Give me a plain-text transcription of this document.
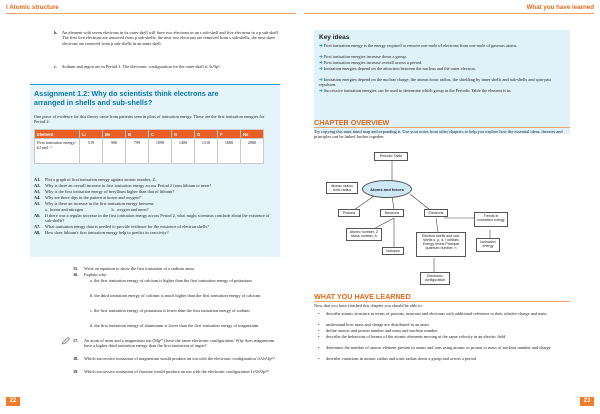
I Atomic structure	What you have learned
b. An element with seven electrons in its outer shell will have two electrons in an s sub-shell and five electrons in a p sub-shell.
The first five electrons are removed from p sub-shells; the next two electrons are removed from s sub-shells, the next three electrons are removed from p sub-shells in an inner shell.
c. Sodium and argon are in Period 3. The electronic configuration for the outer shell is 3s²3p⁶.
Assignment 1.2: Why do scientists think electrons are arranged in shells and sub-shells?
One piece of evidence for this theory came from patterns seen in plots of ionisation energy. These are the first ionisation energies for Period 2:
Element	Li	Be	B	C	N	O	F	Ne
First ionisation energy/ kJ mol⁻¹	519	900	799	1090	1400	1310	1680	2080
A1. Plot a graph of first ionisation energy against atomic number, Z.
A2. Why is there an overall increase in first ionisation energy across Period 2 from lithium to neon?
A3. Why is the first ionisation energy of beryllium higher than that of lithium?
A4. Why are there dips in the pattern at boron and oxygen?
A5. Why is there an increase in the first ionisation energy between:
a.  boron and nitrogen                          b.  oxygen and neon?
A6. If there was a regular increase in the first ionisation energy across Period 2, what might scientists conclude about the existence of sub-shells?
A7. What ionisation energy data is needed to provide evidence for the existence of electron shells?
A8. How does lithium's first ionisation energy help to predict its reactivity?
15. Write an equation to show the first ionisation of a sodium atom.
16. Explain why:
a. the first ionisation energy of calcium is higher than the first ionisation energy of potassium
b. the third ionisation energy of calcium is much higher than the first ionisation energy of calcium
c. the first ionisation energy of potassium is lower than the first ionisation energy of sodium
d. the first ionisation energy of aluminium is lower than the first ionisation energy of magnesium.
17. An atom of neon and a magnesium ion (Mg²⁺) have the same electronic configuration. Why does magnesium have a higher third ionisation energy than the first ionisation of argon?
18. Which successive ionisation of magnesium would produce an ion with the electronic configuration 1s²2s²2p⁶?
19. Which successive ionisation of fluorine would produce an ion with the electronic configuration 1s²2s²2p⁴?
22
Key ideas
➔ First ionisation energy is the energy required to remove one mole of electrons from one mole of gaseous atoms.
➔ First ionisation energies increase down a group.
➔ First ionisation energies increase overall across a period.
➔ Ionisation energies depend on the attraction between the nucleus and the outer electron.
➔ Ionisation energies depend on the nuclear charge, the atomic/ionic radius, the shielding by inner shells and sub-shells and spin-pair repulsion.
➔ Successive ionisation energies can be used to determine which group in the Periodic Table the element is in.
CHAPTER OVERVIEW
Try copying this mini mind map and expanding it. Use your notes from other chapters to help you explore how the essential ideas, theories and principles can be linked further together.
Periodic Table
Atomic radius Ionic radius	Atoms and forces
Protons	Neutrons	Electrons
Trends in ionisation energy
Atomic number, Z Mass number, A	Electron shells and sub-shells s, p, d, f orbitals Energy levels Principal quantum number, n
Ionisation energy
Isotopes
Electronic configuration
WHAT YOU HAVE LEARNED
Now that you have finished this chapter you should be able to:
• describe atomic structure in terms of protons, neutrons and electrons with additional reference to their relative charge and mass
• understand how mass and charge are distributed in an atom
• define atomic and proton number and mass and nucleon number
• describe the behaviour of beams of the atomic elements moving at the same velocity in an electric field
• determine the number of atomic element present in atoms and ions using atomic or proton or mass of nucleon number and charge
• describe variations in atomic radius and ionic radius down a group and across a period
23
